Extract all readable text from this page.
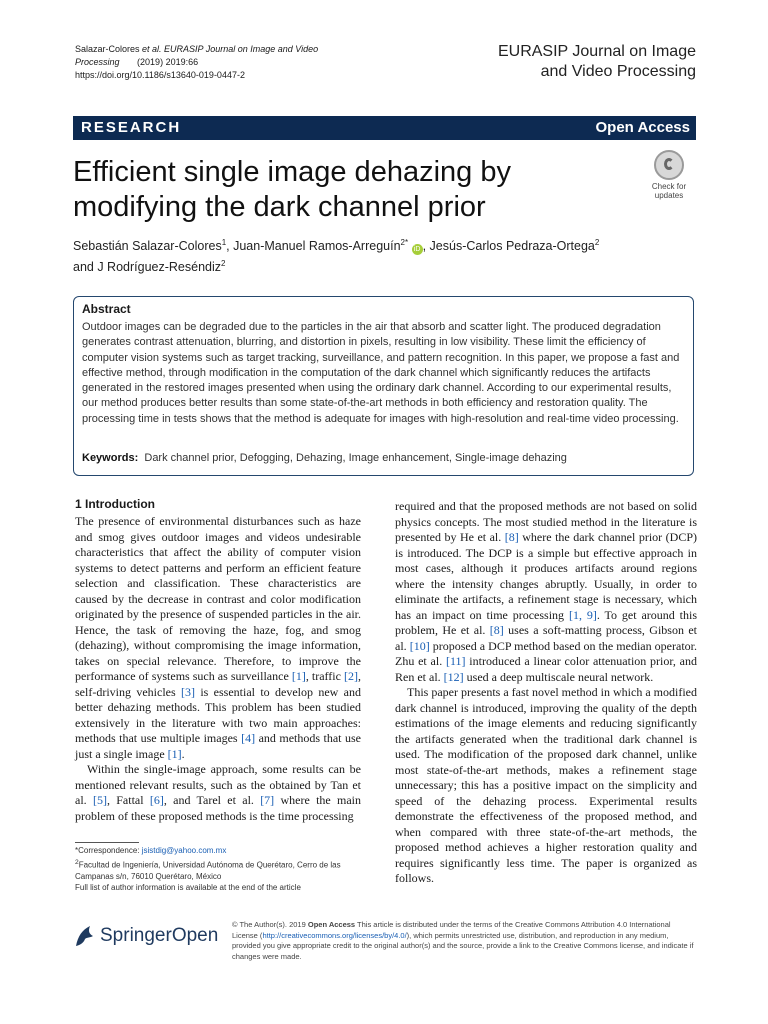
Salazar-Colores et al. EURASIP Journal on Image and Video
Processing (2019) 2019:66
https://doi.org/10.1186/s13640-019-0447-2
EURASIP Journal on Image and Video Processing
RESEARCH	Open Access
Efficient single image dehazing by modifying the dark channel prior
Check for updates
Sebastián Salazar-Colores$^1$, Juan-Manuel Ramos-Arreguín$^{2*}$ iD , Jesús-Carlos Pedraza-Ortega$^2$
and J Rodríguez-Reséndiz$^2$
Abstract
Outdoor images can be degraded due to the particles in the air that absorb and scatter light. The produced degradation generates contrast attenuation, blurring, and distortion in pixels, resulting in low visibility. These limit the efficiency of computer vision systems such as target tracking, surveillance, and pattern recognition. In this paper, we propose a fast and effective method, through modification in the computation of the dark channel which significantly reduces the artifacts generated in the restored images presented when using the ordinary dark channel. According to our experimental results, our method produces better results than some state-of-the-art methods in both efficiency and restoration quality. The processing time in tests shows that the method is adequate for images with high-resolution and real-time video processing.
Keywords: Dark channel prior, Defogging, Dehazing, Image enhancement, Single-image dehazing
1 Introduction

The presence of environmental disturbances such as haze and smog gives outdoor images and videos undesirable characteristics that affect the ability of computer vision systems to detect patterns and perform an efficient feature selection and classification. These characteristics are caused by the decrease in contrast and color modification originated by the presence of suspended particles in the air. Hence, the task of removing the haze, fog, and smog (dehazing), without compromising the image information, takes on special relevance. Therefore, to improve the performance of systems such as surveillance [1], traffic [2], self-driving vehicles [3] is essential to develop new and better dehazing methods. This problem has been studied extensively in the literature with two main approaches: methods that use multiple images [4] and methods that use just a single image [1].

Within the single-image approach, some results can be mentioned relevant results, such as the obtained by Tan et al. [5], Fattal [6], and Tarel et al. [7] where the main problem of these proposed methods is the time processing

required and that the proposed methods are not based on solid physics concepts. The most studied method in the literature is presented by He et al. [8] where the dark channel prior (DCP) is introduced. The DCP is a simple but effective approach in most cases, although it produces artifacts around regions where the intensity changes abruptly. Usually, in order to eliminate the artifacts, a refinement stage is necessary, which has an impact on time processing [1, 9]. To get around this problem, He et al. [8] uses a soft-matting process, Gibson et al. [10] proposed a DCP method based on the median operator. Zhu et al. [11] introduced a linear color attenuation prior, and Ren et al. [12] used a deep multiscale neural network.

This paper presents a fast novel method in which a modified dark channel is introduced, improving the quality of the depth estimations of the image elements and reducing significantly the artifacts generated when the traditional dark channel is used. The modification of the proposed dark channel, unlike most state-of-the-art methods, makes a refinement stage unnecessary; this has a positive impact on the simplicity and speed of the dehazing process. Experimental results demonstrate the effectiveness of the proposed method, and when compared with three state-of-the-art methods, the proposed method achieves a higher restoration quality and requires significantly less time. The paper is organized as follows.

*Correspondence: jsistdig@yahoo.com.mx
$^2$Facultad de Ingeniería, Universidad Autónoma de Querétaro, Cerro de las Campanas s/n, 76010 Querétaro, México
Full list of author information is available at the end of the article
SpringerOpen
© The Author(s). 2019 Open Access This article is distributed under the terms of the Creative Commons Attribution 4.0 International License (http://creativecommons.org/licenses/by/4.0/), which permits unrestricted use, distribution, and reproduction in any medium, provided you give appropriate credit to the original author(s) and the source, provide a link to the Creative Commons license, and indicate if changes were made.
